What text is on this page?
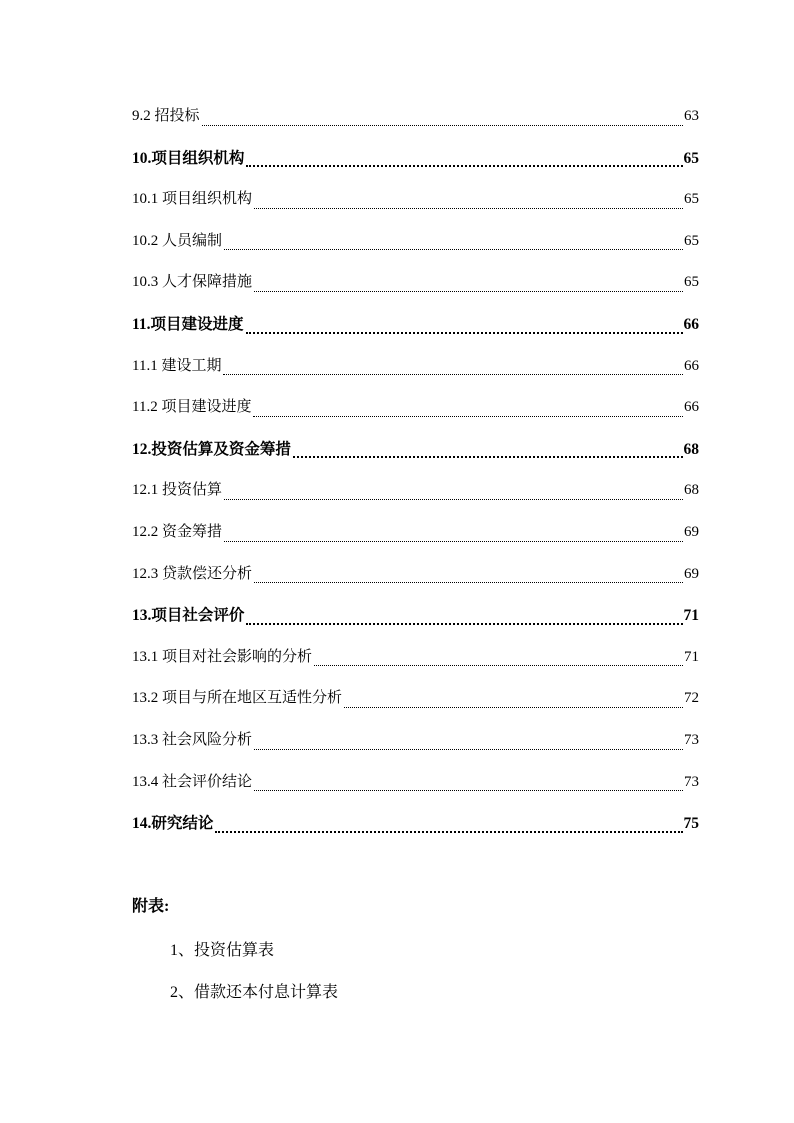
9.2 招投标	63
10.项目组织机构	65
10.1 项目组织机构	65
10.2 人员编制	65
10.3 人才保障措施	65
11.项目建设进度	66
11.1 建设工期	66
11.2 项目建设进度	66
12.投资估算及资金筹措	68
12.1 投资估算	68
12.2 资金筹措	69
12.3 贷款偿还分析	69
13.项目社会评价	71
13.1 项目对社会影响的分析	71
13.2 项目与所在地区互适性分析	72
13.3 社会风险分析	73
13.4 社会评价结论	73
14.研究结论	75
附表:
1、投资估算表
2、借款还本付息计算表
